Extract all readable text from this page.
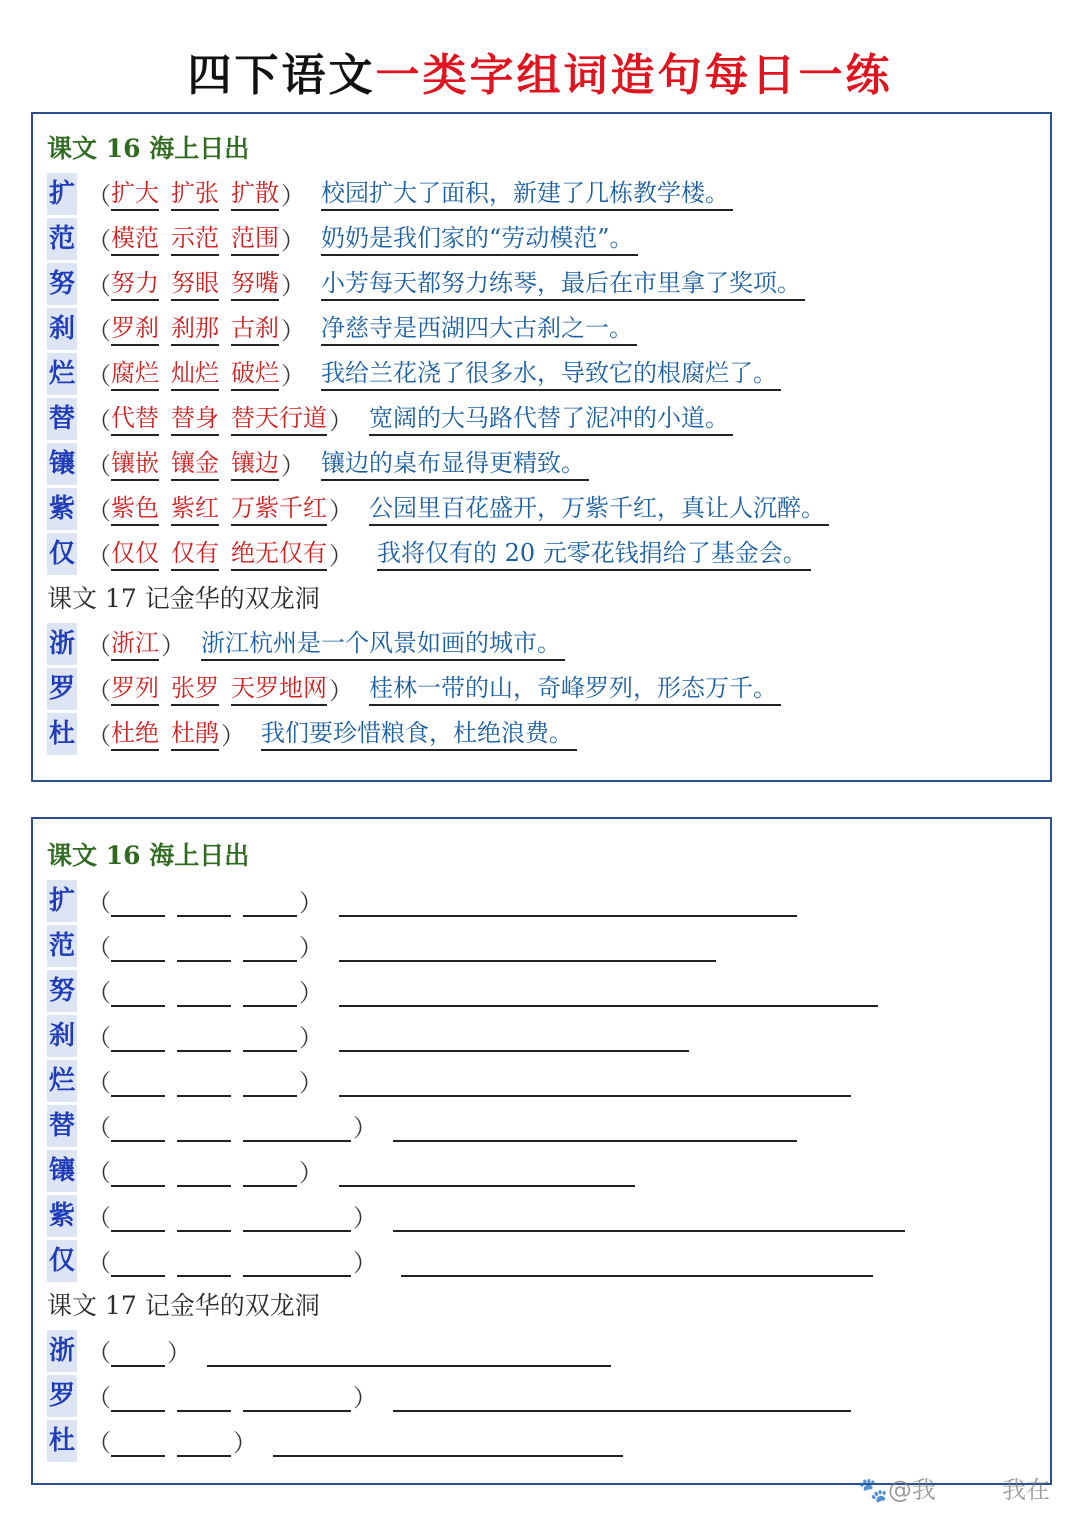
四下语文一类字组词造句每日一练
课文 16 海上日出
扩 （ 扩大 扩张 扩散 ） 校园扩大了面积，新建了几栋教学楼。
范 （ 模范 示范 范围 ） 奶奶是我们家的“劳动模范”。
努 （ 努力 努眼 努嘴 ） 小芳每天都努力练琴，最后在市里拿了奖项。
刹 （ 罗刹 刹那 古刹 ） 净慈寺是西湖四大古刹之一。
烂 （ 腐烂 灿烂 破烂 ） 我给兰花浇了很多水，导致它的根腐烂了。
替 （ 代替 替身 替天行道 ） 宽阔的大马路代替了泥冲的小道。
镶 （ 镶嵌 镶金 镶边 ） 镶边的桌布显得更精致。
紫 （ 紫色 紫红 万紫千红 ） 公园里百花盛开，万紫千红，真让人沉醉。
仅 （ 仅仅 仅有 绝无仅有 ） 我将仅有的 20 元零花钱捐给了基金会。
课文 17 记金华的双龙洞
浙 （ 浙江 ） 浙江杭州是一个风景如画的城市。
罗 （ 罗列 张罗 天罗地网 ） 桂林一带的山，奇峰罗列，形态万千。
杜 （ 杜绝 杜鹃 ） 我们要珍惜粮食，杜绝浪费。
课文 16 海上日出
扩 （	）
范 （	）
努 （	）
刹 （	）
烂 （	）
替 （	）
镶 （	）
紫 （	）
仅 （	）
课文 17 记金华的双龙洞
浙 （ ）
罗 （	）
杜 （	）
🐾@我	我在
